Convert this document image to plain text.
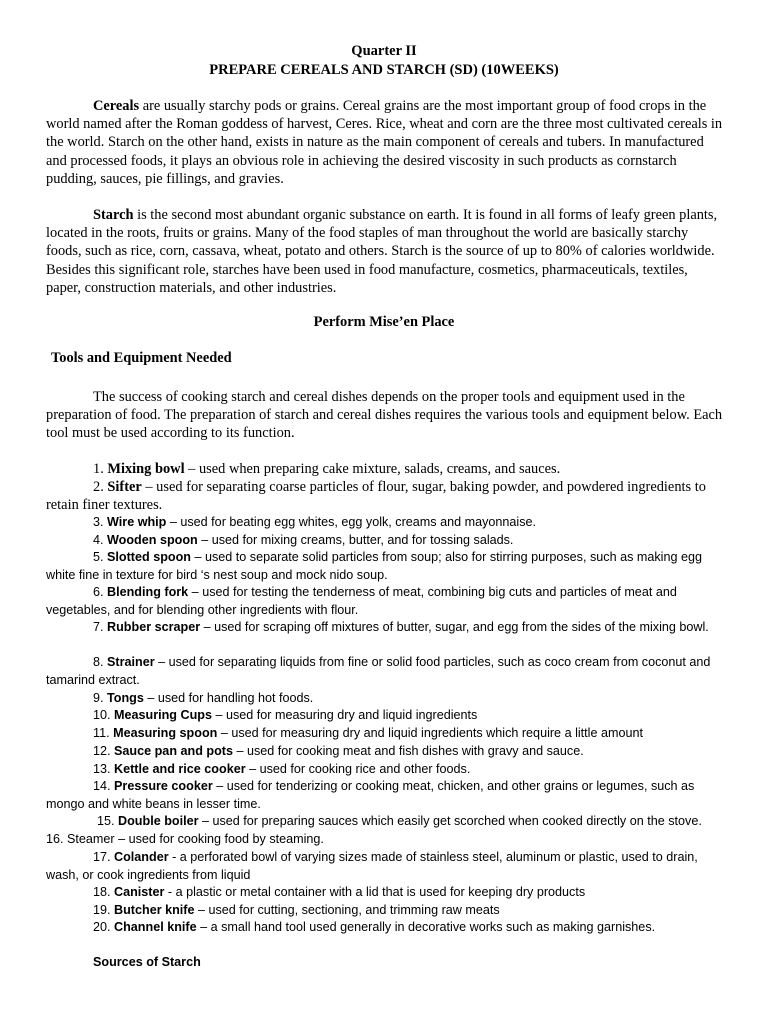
Quarter II
PREPARE CEREALS AND STARCH (SD) (10WEEKS)
Cereals are usually starchy pods or grains. Cereal grains are the most important group of food crops in the world named after the Roman goddess of harvest, Ceres. Rice, wheat and corn are the three most cultivated cereals in the world. Starch on the other hand, exists in nature as the main component of cereals and tubers. In manufactured and processed foods, it plays an obvious role in achieving the desired viscosity in such products as cornstarch pudding, sauces, pie fillings, and gravies.
Starch is the second most abundant organic substance on earth. It is found in all forms of leafy green plants, located in the roots, fruits or grains. Many of the food staples of man throughout the world are basically starchy foods, such as rice, corn, cassava, wheat, potato and others. Starch is the source of up to 80% of calories worldwide. Besides this significant role, starches have been used in food manufacture, cosmetics, pharmaceuticals, textiles, paper, construction materials, and other industries.
Perform Mise’en Place
Tools and Equipment Needed
The success of cooking starch and cereal dishes depends on the proper tools and equipment used in the preparation of food. The preparation of starch and cereal dishes requires the various tools and equipment below. Each tool must be used according to its function.
1. Mixing bowl – used when preparing cake mixture, salads, creams, and sauces.
2. Sifter – used for separating coarse particles of flour, sugar, baking powder, and powdered ingredients to retain finer textures.
3. Wire whip – used for beating egg whites, egg yolk, creams and mayonnaise.
4. Wooden spoon – used for mixing creams, butter, and for tossing salads.
5. Slotted spoon – used to separate solid particles from soup; also for stirring purposes, such as making egg white fine in texture for bird ‘s nest soup and mock nido soup.
6. Blending fork – used for testing the tenderness of meat, combining big cuts and particles of meat and vegetables, and for blending other ingredients with flour.
7. Rubber scraper – used for scraping off mixtures of butter, sugar, and egg from the sides of the mixing bowl.
8. Strainer – used for separating liquids from fine or solid food particles, such as coco cream from coconut and tamarind extract.
9. Tongs – used for handling hot foods.
10. Measuring Cups – used for measuring dry and liquid ingredients
11. Measuring spoon – used for measuring dry and liquid ingredients which require a little amount
12. Sauce pan and pots – used for cooking meat and fish dishes with gravy and sauce.
13. Kettle and rice cooker – used for cooking rice and other foods.
14. Pressure cooker – used for tenderizing or cooking meat, chicken, and other grains or legumes, such as mongo and white beans in lesser time.
15. Double boiler – used for preparing sauces which easily get scorched when cooked directly on the stove.
16. Steamer – used for cooking food by steaming.
17. Colander - a perforated bowl of varying sizes made of stainless steel, aluminum or plastic, used to drain, wash, or cook ingredients from liquid
18. Canister - a plastic or metal container with a lid that is used for keeping dry products
19. Butcher knife – used for cutting, sectioning, and trimming raw meats
20. Channel knife – a small hand tool used generally in decorative works such as making garnishes.
Sources of Starch
